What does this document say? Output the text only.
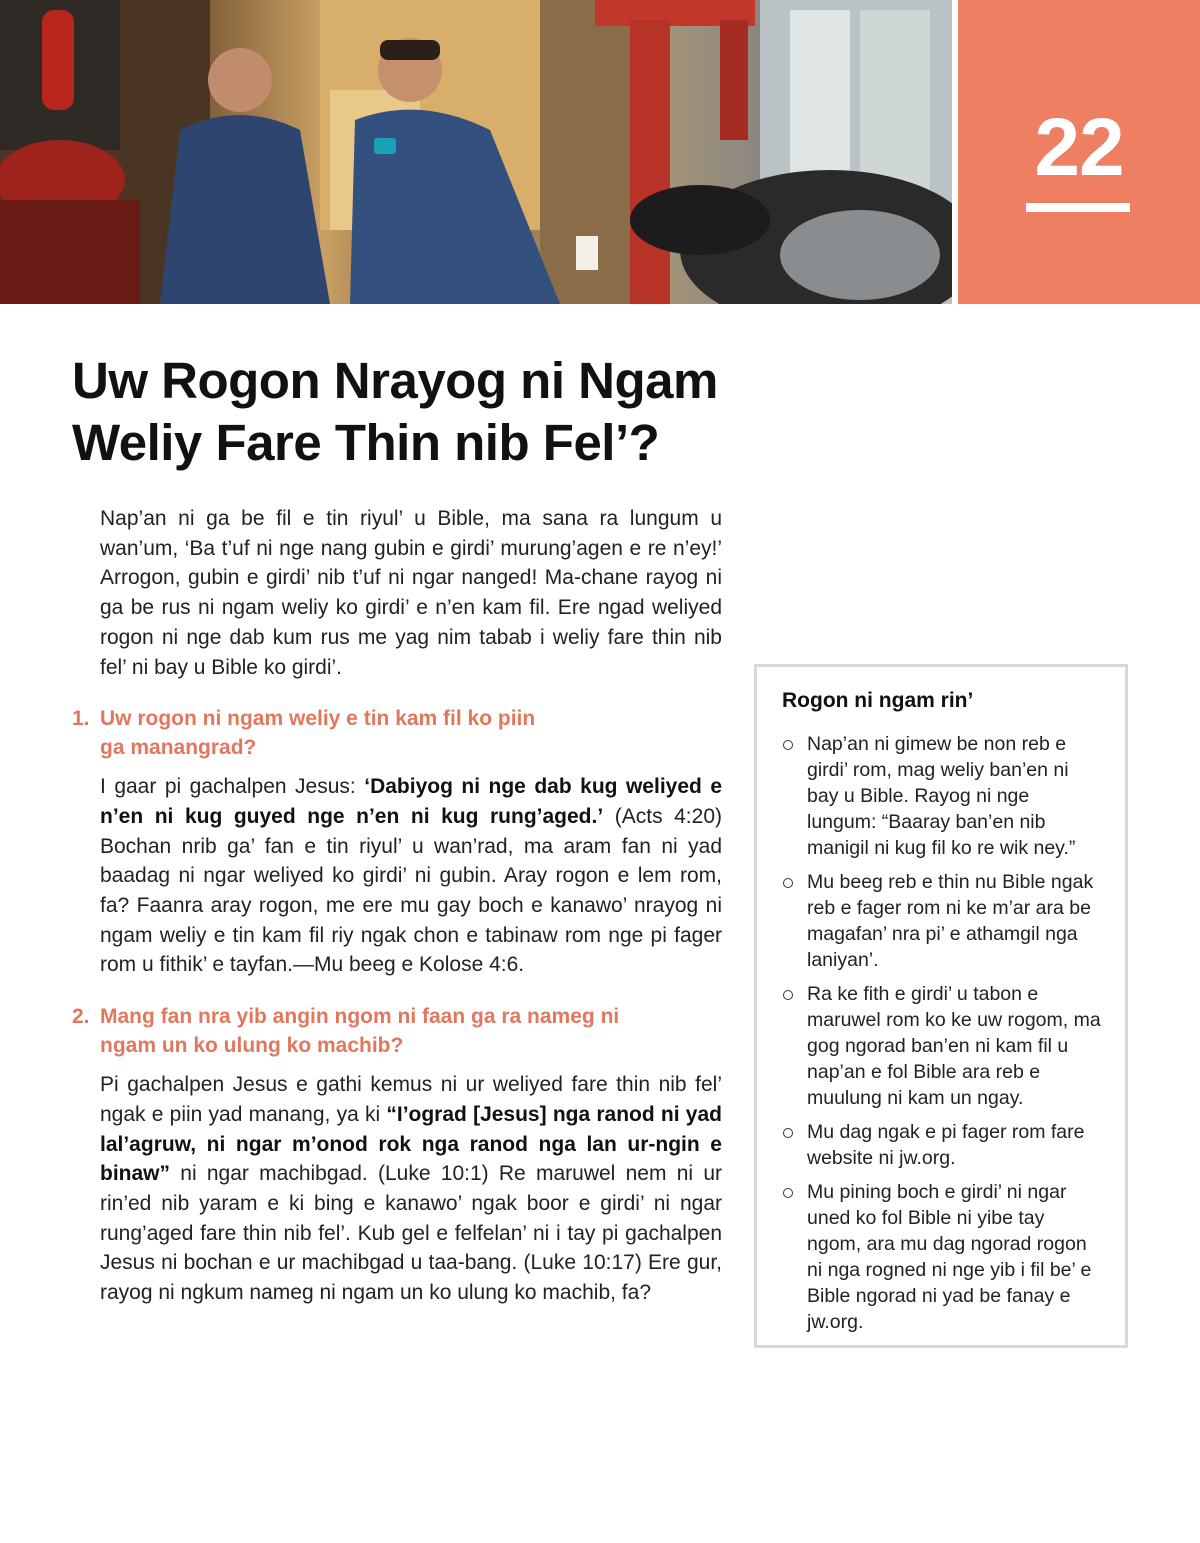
22
Uw Rogon Nrayog ni Ngam
Weliy Fare Thin nib Fel’?

Nap’an ni ga be fil e tin riyul’ u Bible, ma sana ra lungum u wan’um, ‘Ba t’uf ni nge nang gubin e girdi’ murung’agen e re n’ey!’ Arrogon, gubin e girdi’ nib t’uf ni ngar nanged! Ma-chane rayog ni ga be rus ni ngam weliy ko girdi’ e n’en kam fil. Ere ngad weliyed rogon ni nge dab kum rus me yag nim tabab i weliy fare thin nib fel’ ni bay u Bible ko girdi’.

1. Uw rogon ni ngam weliy e tin kam fil ko piin
ga manangrad?

I gaar pi gachalpen Jesus: ‘Dabiyog ni nge dab kug weliyed e n’en ni kug guyed nge n’en ni kug rung’aged.’ (Acts 4:20) Bochan nrib ga’ fan e tin riyul’ u wan’rad, ma aram fan ni yad baadag ni ngar weliyed ko girdi’ ni gubin. Aray rogon e lem rom, fa? Faanra aray rogon, me ere mu gay boch e kanawo’ nrayog ni ngam weliy e tin kam fil riy ngak chon e tabinaw rom nge pi fager rom u fithik’ e tayfan.—Mu beeg e Kolose 4:6.

2. Mang fan nra yib angin ngom ni faan ga ra nameg ni
ngam un ko ulung ko machib?

Pi gachalpen Jesus e gathi kemus ni ur weliyed fare thin nib fel’ ngak e piin yad manang, ya ki “I’ograd [Jesus] nga ranod ni yad lal’agruw, ni ngar m’onod rok nga ranod nga lan ur-ngin e binaw” ni ngar machibgad. (Luke 10:1) Re maruwel nem ni ur rin’ed nib yaram e ki bing e kanawo’ ngak boor e girdi’ ni ngar rung’aged fare thin nib fel’. Kub gel e felfelan’ ni i tay pi gachalpen Jesus ni bochan e ur machibgad u taa-bang. (Luke 10:17) Ere gur, rayog ni ngkum nameg ni ngam un ko ulung ko machib, fa?

Rogon ni ngam rin’
Nap’an ni gimew be non reb e girdi’ rom, mag weliy ban’en ni bay u Bible. Rayog ni nge lungum: “Baaray ban’en nib manigil ni kug fil ko re wik ney.”
Mu beeg reb e thin nu Bible ngak reb e fager rom ni ke m’ar ara be magafan’ nra pi’ e athamgil nga laniyan’.
Ra ke fith e girdi’ u tabon e maruwel rom ko ke uw rogom, ma gog ngorad ban’en ni kam fil u nap’an e fol Bible ara reb e muulung ni kam un ngay.
Mu dag ngak e pi fager rom fare website ni jw.org.
Mu pining boch e girdi’ ni ngar uned ko fol Bible ni yibe tay ngom, ara mu dag ngorad rogon ni nga rogned ni nge yib i fil be’ e Bible ngorad ni yad be fanay e jw.org.
